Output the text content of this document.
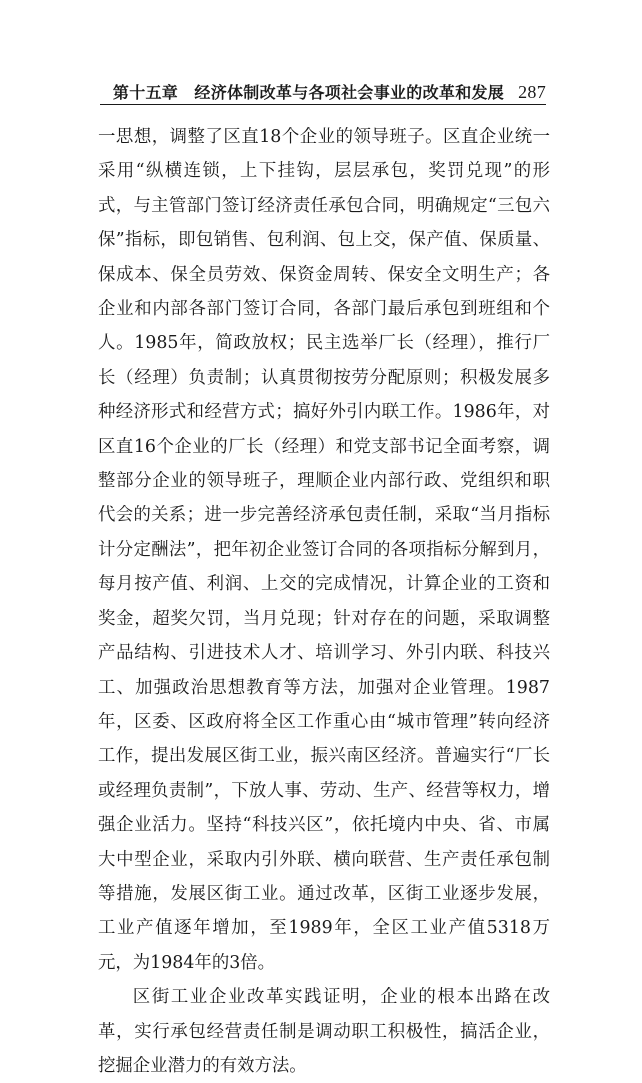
第十五章　经济体制改革与各项社会事业的改革和发展 287

一思想，调整了区直18个企业的领导班子。区直企业统一采用“纵横连锁，上下挂钩，层层承包，奖罚兑现”的形式，与主管部门签订经济责任承包合同，明确规定“三包六保”指标，即包销售、包利润、包上交，保产值、保质量、保成本、保全员劳效、保资金周转、保安全文明生产；各企业和内部各部门签订合同，各部门最后承包到班组和个人。1985年，简政放权；民主选举厂长（经理），推行厂长（经理）负责制；认真贯彻按劳分配原则；积极发展多种经济形式和经营方式；搞好外引内联工作。1986年，对区直16个企业的厂长（经理）和党支部书记全面考察，调整部分企业的领导班子，理顺企业内部行政、党组织和职代会的关系；进一步完善经济承包责任制，采取“当月指标计分定酬法”，把年初企业签订合同的各项指标分解到月，每月按产值、利润、上交的完成情况，计算企业的工资和奖金，超奖欠罚，当月兑现；针对存在的问题，采取调整产品结构、引进技术人才、培训学习、外引内联、科技兴工、加强政治思想教育等方法，加强对企业管理。1987年，区委、区政府将全区工作重心由“城市管理”转向经济工作，提出发展区街工业，振兴南区经济。普遍实行“厂长或经理负责制”，下放人事、劳动、生产、经营等权力，增强企业活力。坚持“科技兴区”，依托境内中央、省、市属大中型企业，采取内引外联、横向联营、生产责任承包制等措施，发展区街工业。通过改革，区街工业逐步发展，工业产值逐年增加，至1989年，全区工业产值5318万元，为1984年的3倍。

区街工业企业改革实践证明，企业的根本出路在改革，实行承包经营责任制是调动职工积极性，搞活企业，挖掘企业潜力的有效方法。
